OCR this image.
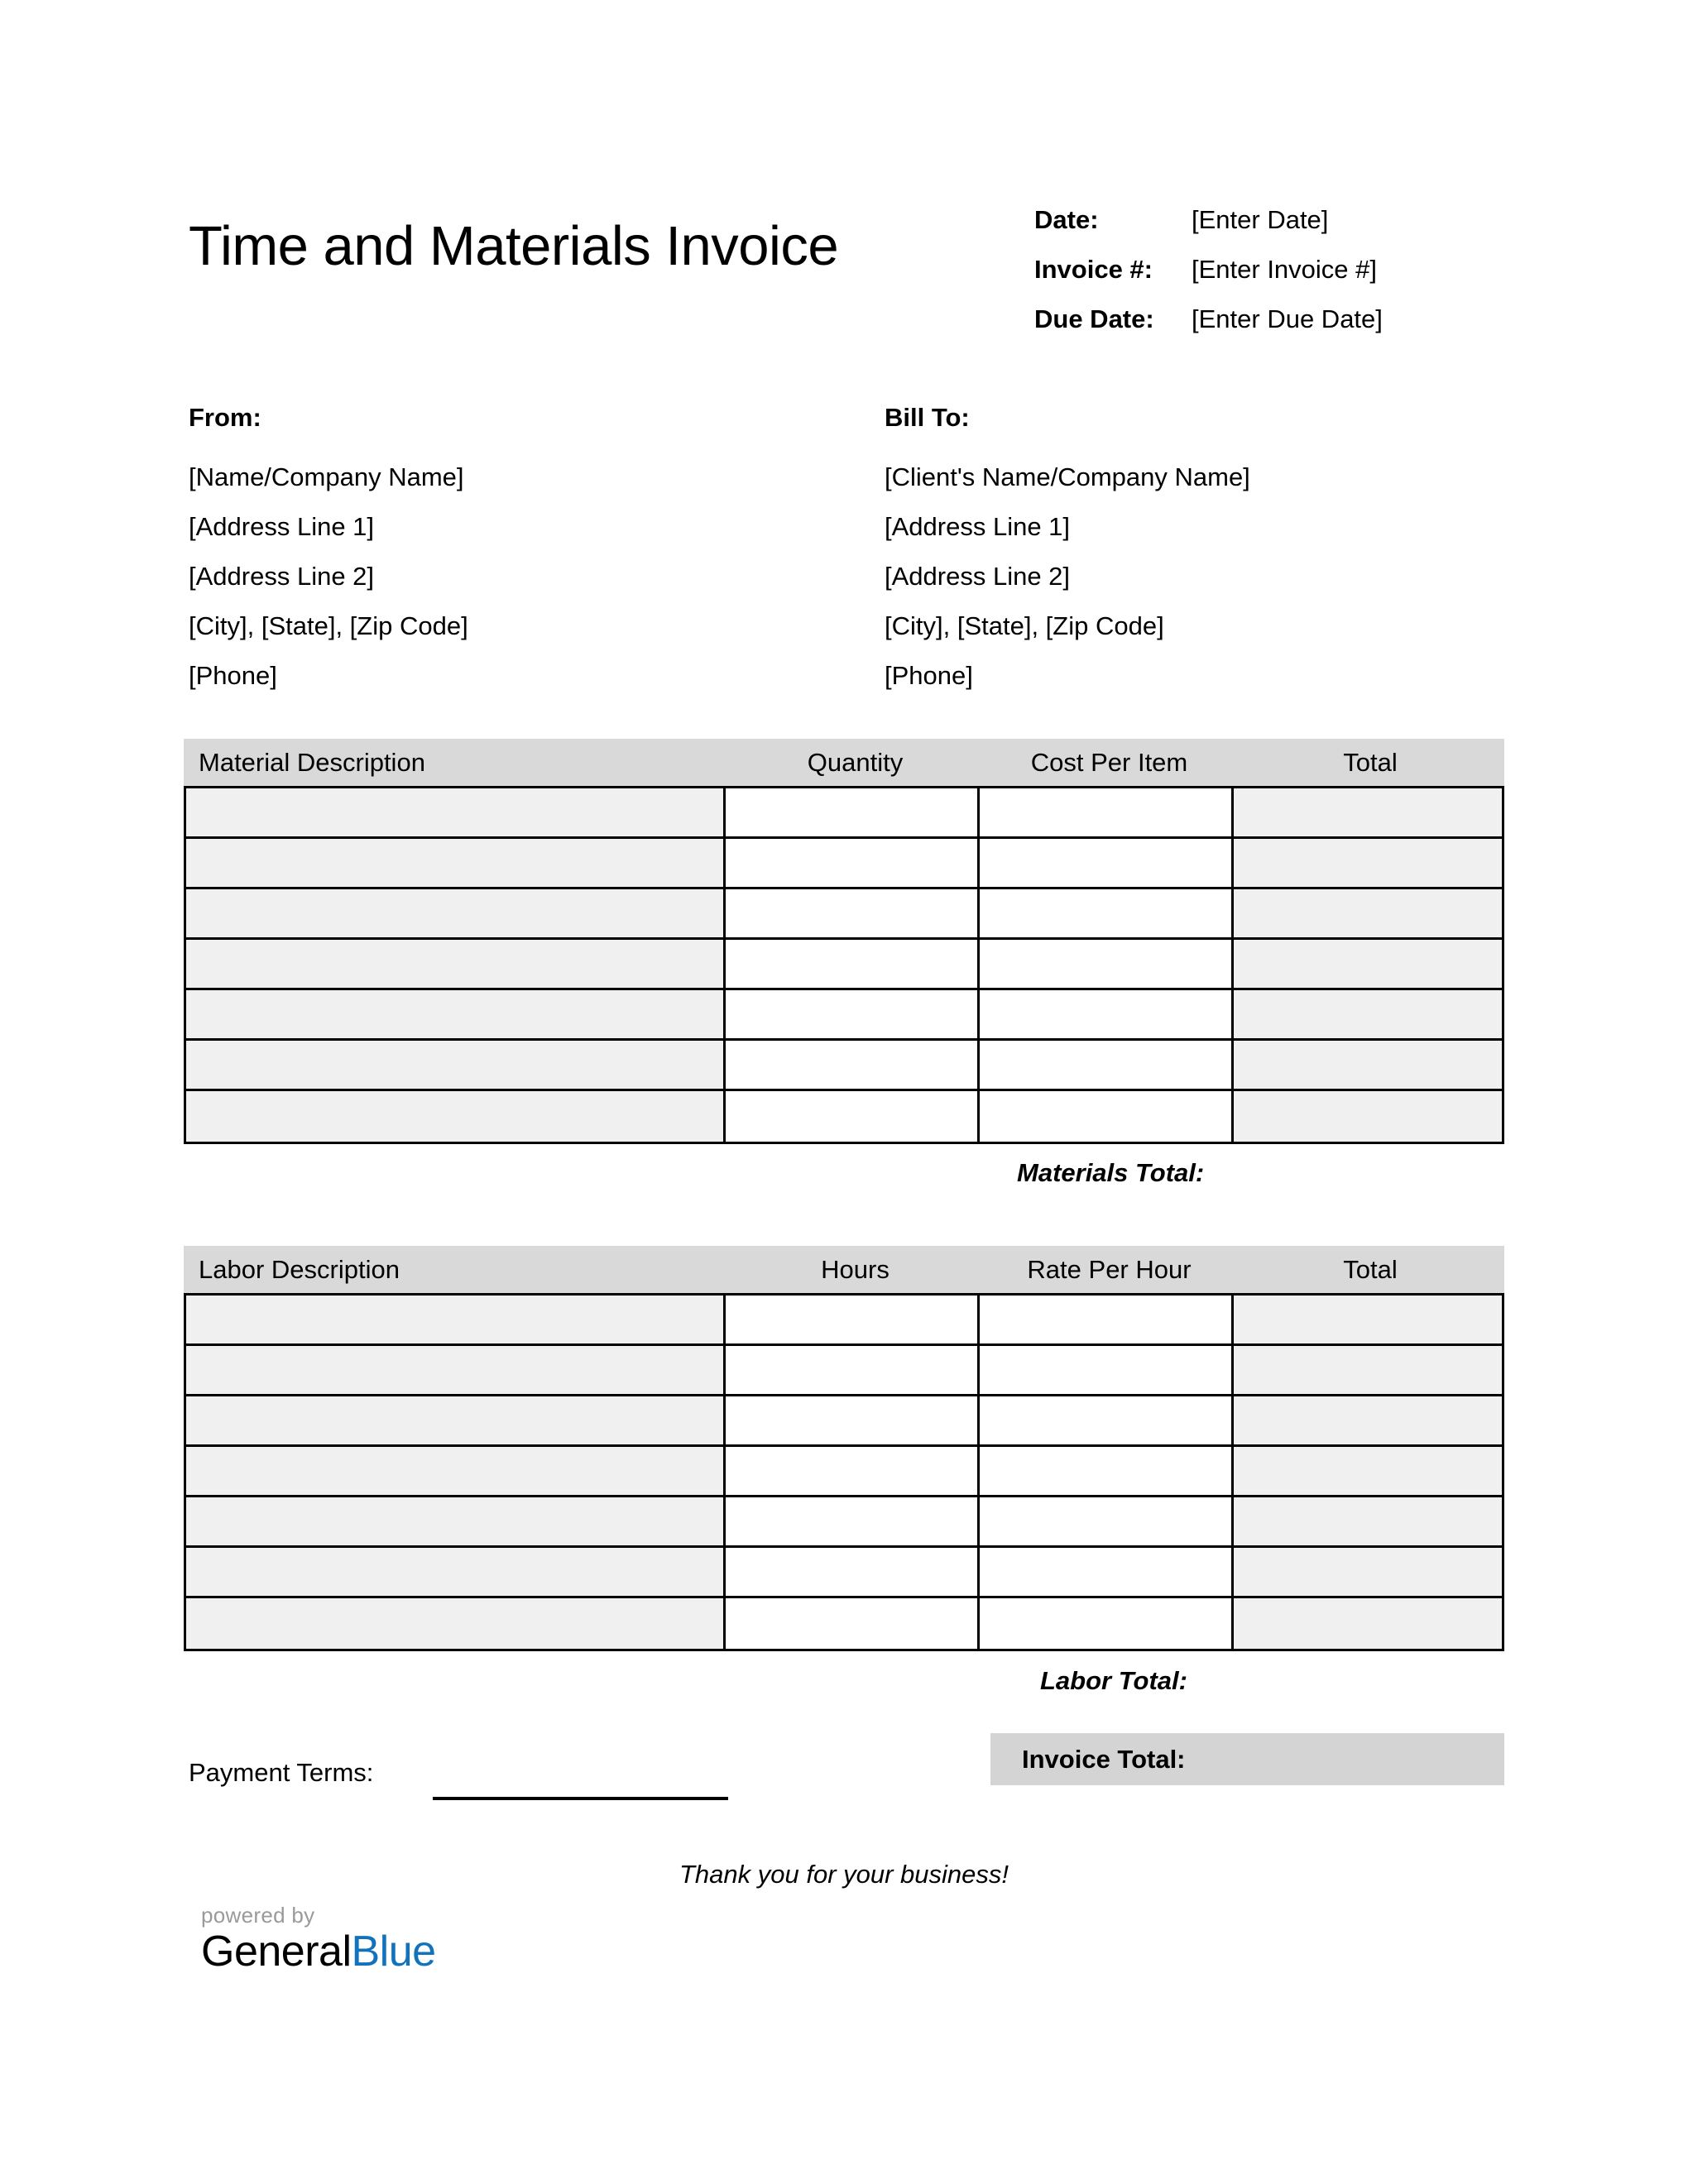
Time and Materials Invoice	Date:	[Enter Date]
Invoice #:	[Enter Invoice #]
Due Date:	[Enter Due Date]
From:
[Name/Company Name]
[Address Line 1]
[Address Line 2]
[City], [State], [Zip Code]
[Phone]
Bill To:
[Client's Name/Company Name]
[Address Line 1]
[Address Line 2]
[City], [State], [Zip Code]
[Phone]
Material Description	Quantity	Cost Per Item	Total
Materials Total:
Labor Description	Hours	Rate Per Hour	Total
Labor Total:
Payment Terms:	Invoice Total:
Thank you for your business!
powered by
GeneralBlue
